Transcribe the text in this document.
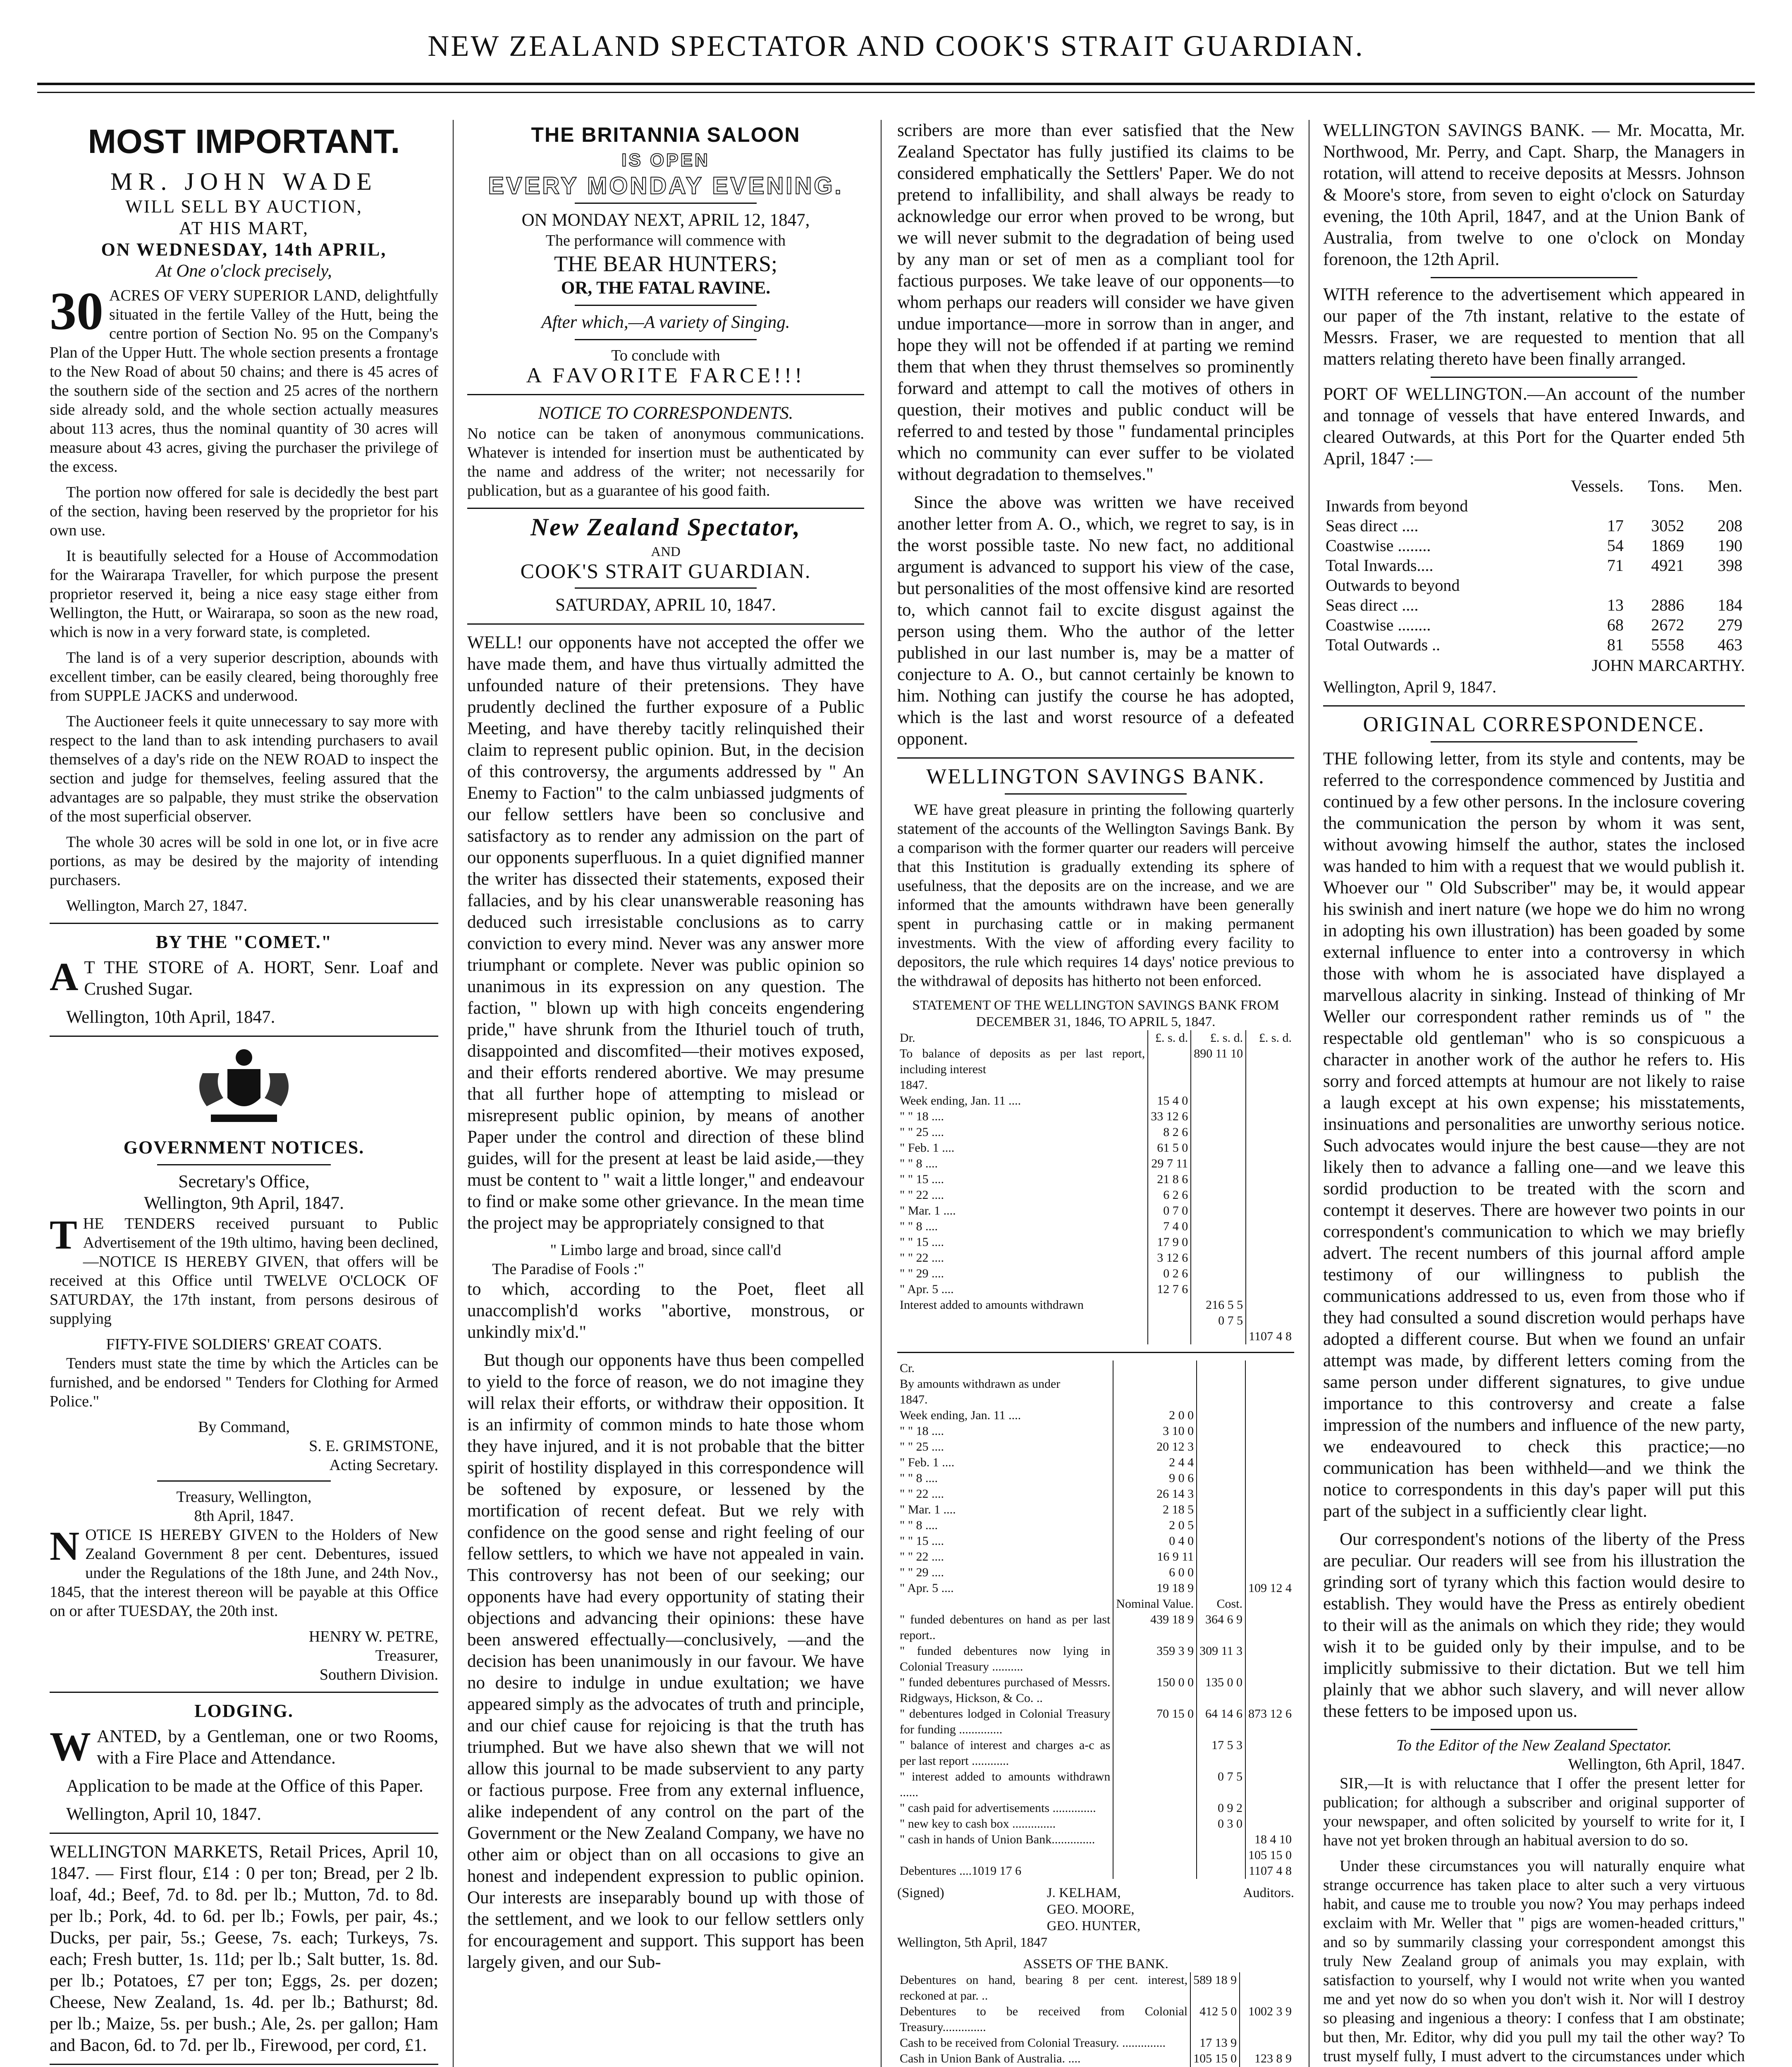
NEW ZEALAND SPECTATOR AND COOK'S STRAIT GUARDIAN.
MOST IMPORTANT.
MR. JOHN WADE
WILL SELL BY AUCTION,
AT HIS MART,
ON WEDNESDAY, 14th APRIL,
At One o'clock precisely,

30 ACRES OF VERY SUPERIOR LAND, delightfully situated in the fertile Valley of the Hutt, being the centre portion of Section No. 95 on the Company's Plan of the Upper Hutt. The whole section presents a frontage to the New Road of about 50 chains; and there is 45 acres of the southern side of the section and 25 acres of the northern side already sold, and the whole section actually measures about 113 acres, thus the nominal quantity of 30 acres will measure about 43 acres, giving the purchaser the privilege of the excess.

The portion now offered for sale is decidedly the best part of the section, having been reserved by the proprietor for his own use.

It is beautifully selected for a House of Accommodation for the Wairarapa Traveller, for which purpose the present proprietor reserved it, being a nice easy stage either from Wellington, the Hutt, or Wairarapa, so soon as the new road, which is now in a very forward state, is completed.

The land is of a very superior description, abounds with excellent timber, can be easily cleared, being thoroughly free from SUPPLE JACKS and underwood.

The Auctioneer feels it quite unnecessary to say more with respect to the land than to ask intending purchasers to avail themselves of a day's ride on the NEW ROAD to inspect the section and judge for themselves, feeling assured that the advantages are so palpable, they must strike the observation of the most superficial observer.

The whole 30 acres will be sold in one lot, or in five acre portions, as may be desired by the majority of intending purchasers.

Wellington, March 27, 1847.

BY THE "COMET."

A T THE STORE of A. HORT, Senr. Loaf and Crushed Sugar.

Wellington, 10th April, 1847.

GOVERNMENT NOTICES.
Secretary's Office,
Wellington, 9th April, 1847.

THE TENDERS received pursuant to Public Advertisement of the 19th ultimo, having been declined,—NOTICE IS HEREBY GIVEN, that offers will be received at this Office until TWELVE O'CLOCK OF SATURDAY, the 17th instant, from persons desirous of supplying

FIFTY-FIVE SOLDIERS' GREAT COATS.

Tenders must state the time by which the Articles can be furnished, and be endorsed " Tenders for Clothing for Armed Police."

By Command,
S. E. GRIMSTONE,
Acting Secretary.
Treasury, Wellington,
8th April, 1847.

NOTICE IS HEREBY GIVEN to the Holders of New Zealand Government 8 per cent. Debentures, issued under the Regulations of the 18th June, and 24th Nov., 1845, that the interest thereon will be payable at this Office on or after TUESDAY, the 20th inst.

HENRY W. PETRE,
Treasurer,
Southern Division.
LODGING.

WANTED, by a Gentleman, one or two Rooms, with a Fire Place and Attendance.

Application to be made at the Office of this Paper.

Wellington, April 10, 1847.

WELLINGTON MARKETS, Retail Prices, April 10, 1847. — First flour, £14 : 0 per ton; Bread, per 2 lb. loaf, 4d.; Beef, 7d. to 8d. per lb.; Mutton, 7d. to 8d. per lb.; Pork, 4d. to 6d. per lb.; Fowls, per pair, 4s.; Ducks, per pair, 5s.; Geese, 7s. each; Turkeys, 7s. each; Fresh butter, 1s. 11d; per lb.; Salt butter, 1s. 8d. per lb.; Potatoes, £7 per ton; Eggs, 2s. per dozen; Cheese, New Zealand, 1s. 4d. per lb.; Bathurst; 8d. per lb.; Maize, 5s. per bush.; Ale, 2s. per gallon; Ham and Bacon, 6d. to 7d. per lb., Firewood, per cord, £1.

THE BRITANNIA SALOON
IS OPEN
EVERY MONDAY EVENING.
ON MONDAY NEXT, APRIL 12, 1847,
The performance will commence with
THE BEAR HUNTERS;
OR, THE FATAL RAVINE.
After which,—A variety of Singing.
To conclude with
A FAVORITE FARCE!!!
NOTICE TO CORRESPONDENTS.

No notice can be taken of anonymous communications. Whatever is intended for insertion must be authenticated by the name and address of the writer; not necessarily for publication, but as a guarantee of his good faith.

New Zealand Spectator,
AND
COOK'S STRAIT GUARDIAN.
SATURDAY, APRIL 10, 1847.

WELL! our opponents have not accepted the offer we have made them, and have thus virtually admitted the unfounded nature of their pretensions. They have prudently declined the further exposure of a Public Meeting, and have thereby tacitly relinquished their claim to represent public opinion. But, in the decision of this controversy, the arguments addressed by " An Enemy to Faction" to the calm unbiassed judgments of our fellow settlers have been so conclusive and satisfactory as to render any admission on the part of our opponents superfluous. In a quiet dignified manner the writer has dissected their statements, exposed their fallacies, and by his clear unanswerable reasoning has deduced such irresistable conclusions as to carry conviction to every mind. Never was any answer more triumphant or complete. Never was public opinion so unanimous in its expression on any question. The faction, " blown up with high conceits engendering pride," have shrunk from the Ithuriel touch of truth, disappointed and discomfited—their motives exposed, and their efforts rendered abortive. We may presume that all further hope of attempting to mislead or misrepresent public opinion, by means of another Paper under the control and direction of these blind guides, will for the present at least be laid aside,—they must be content to " wait a little longer," and endeavour to find or make some other grievance. In the mean time the project may be appropriately consigned to that

" Limbo large and broad, since call'd
The Paradise of Fools :"

to which, according to the Poet, fleet all unaccomplish'd works "abortive, monstrous, or unkindly mix'd."

But though our opponents have thus been compelled to yield to the force of reason, we do not imagine they will relax their efforts, or withdraw their opposition. It is an infirmity of common minds to hate those whom they have injured, and it is not probable that the bitter spirit of hostility displayed in this correspondence will be softened by exposure, or lessened by the mortification of recent defeat. But we rely with confidence on the good sense and right feeling of our fellow settlers, to which we have not appealed in vain. This controversy has not been of our seeking; our opponents have had every opportunity of stating their objections and advancing their opinions: these have been answered effectually—conclusively, —and the decision has been unanimously in our favour. We have no desire to indulge in undue exultation; we have appeared simply as the advocates of truth and principle, and our chief cause for rejoicing is that the truth has triumphed. But we have also shewn that we will not allow this journal to be made subservient to any party or factious purpose. Free from any external influence, alike independent of any control on the part of the Government or the New Zealand Company, we have no other aim or object than on all occasions to give an honest and independent expression to public opinion. Our interests are inseparably bound up with those of the settlement, and we look to our fellow settlers only for encouragement and support. This support has been largely given, and our Sub-

scribers are more than ever satisfied that the New Zealand Spectator has fully justified its claims to be considered emphatically the Settlers' Paper. We do not pretend to infallibility, and shall always be ready to acknowledge our error when proved to be wrong, but we will never submit to the degradation of being used by any man or set of men as a compliant tool for factious purposes. We take leave of our opponents—to whom perhaps our readers will consider we have given undue importance—more in sorrow than in anger, and hope they will not be offended if at parting we remind them that when they thrust themselves so prominently forward and attempt to call the motives of others in question, their motives and public conduct will be referred to and tested by those " fundamental principles which no community can ever suffer to be violated without degradation to themselves."

Since the above was written we have received another letter from A. O., which, we regret to say, is in the worst possible taste. No new fact, no additional argument is advanced to support his view of the case, but personalities of the most offensive kind are resorted to, which cannot fail to excite disgust against the person using them. Who the author of the letter published in our last number is, may be a matter of conjecture to A. O., but cannot certainly be known to him. Nothing can justify the course he has adopted, which is the last and worst resource of a defeated opponent.

WELLINGTON SAVINGS BANK.

WE have great pleasure in printing the following quarterly statement of the accounts of the Wellington Savings Bank. By a comparison with the former quarter our readers will perceive that this Institution is gradually extending its sphere of usefulness, that the deposits are on the increase, and we are informed that the amounts withdrawn have been generally spent in purchasing cattle or in making permanent investments. With the view of affording every facility to depositors, the rule which requires 14 days' notice previous to the withdrawal of deposits has hitherto not been enforced.

STATEMENT OF THE WELLINGTON SAVINGS BANK FROM DECEMBER 31, 1846, TO APRIL 5, 1847.
Dr.	£. s. d.	£. s. d.	£. s. d.
To balance of deposits as per last report, including interest		890 11 10	
1847.			
Week ending, Jan. 11 ....	15 4 0		
" " 18 ....	33 12 6		
" " 25 ....	8 2 6		
" Feb. 1 ....	61 5 0		
" " 8 ....	29 7 11		
" " 15 ....	21 8 6		
" " 22 ....	6 2 6		
" Mar. 1 ....	0 7 0		
" " 8 ....	7 4 0		
" " 15 ....	17 9 0		
" " 22 ....	3 12 6		
" " 29 ....	0 2 6		
" Apr. 5 ....	12 7 6		
Interest added to amounts withdrawn		216 5 5	
		0 7 5	
			1107 4 8
Cr.			
By amounts withdrawn as under			
1847.			
Week ending, Jan. 11 ....	2 0 0		
" " 18 ....	3 10 0		
" " 25 ....	20 12 3		
" Feb. 1 ....	2 4 4		
" " 8 ....	9 0 6		
" " 22 ....	26 14 3		
" Mar. 1 ....	2 18 5		
" " 8 ....	2 0 5		
" " 15 ....	0 4 0		
" " 22 ....	16 9 11		
" " 29 ....	6 0 0		
" Apr. 5 ....	19 18 9		109 12 4
	Nominal Value.	Cost.	
" funded debentures on hand as per last report..	439 18 9	364 6 9	
" funded debentures now lying in Colonial Treasury ..........	359 3 9	309 11 3	
" funded debentures purchased of Messrs. Ridgways, Hickson, & Co. ..	150 0 0	135 0 0	
" debentures lodged in Colonial Treasury for funding ..............	70 15 0	64 14 6	873 12 6
" balance of interest and charges a-c as per last report ............		17 5 3	
" interest added to amounts withdrawn ......		0 7 5	
" cash paid for advertisements ..............		0 9 2	
" new key to cash box ..............		0 3 0	
" cash in hands of Union Bank..............			18 4 10
			105 15 0
Debentures ....1019 17 6			1107 4 8
(Signed)	J. KELHAM,
GEO. MOORE,
GEO. HUNTER,
Auditors.
Wellington, 5th April, 1847
ASSETS OF THE BANK.
Debentures on hand, bearing 8 per cent. interest, reckoned at par. ..	589 18 9	
Debentures to be received from Colonial Treasury..............	412 5 0	1002 3 9
Cash to be received from Colonial Treasury. ..............	17 13 9	
Cash in Union Bank of Australia. ....	105 15 0	123 8 9

WELLINGTON SAVINGS BANK. — Mr. Mocatta, Mr. Northwood, Mr. Perry, and Capt. Sharp, the Managers in rotation, will attend to receive deposits at Messrs. Johnson & Moore's store, from seven to eight o'clock on Saturday evening, the 10th April, 1847, and at the Union Bank of Australia, from twelve to one o'clock on Monday forenoon, the 12th April.

WITH reference to the advertisement which appeared in our paper of the 7th instant, relative to the estate of Messrs. Fraser, we are requested to mention that all matters relating thereto have been finally arranged.

PORT OF WELLINGTON.—An account of the number and tonnage of vessels that have entered Inwards, and cleared Outwards, at this Port for the Quarter ended 5th April, 1847 :—

	Vessels.	Tons.	Men.
Inwards from beyond			
Seas direct ....	17	3052	208
Coastwise ........	54	1869	190
Total Inwards....	71	4921	398
Outwards to beyond			
Seas direct ....	13	2886	184
Coastwise ........	68	2672	279
Total Outwards ..	81	5558	463
JOHN MARCARTHY.
Wellington, April 9, 1847.
ORIGINAL CORRESPONDENCE.

THE following letter, from its style and contents, may be referred to the correspondence commenced by Justitia and continued by a few other persons. In the inclosure covering the communication the person by whom it was sent, without avowing himself the author, states the inclosed was handed to him with a request that we would publish it. Whoever our " Old Subscriber" may be, it would appear his swinish and inert nature (we hope we do him no wrong in adopting his own illustration) has been goaded by some external influence to enter into a controversy in which those with whom he is associated have displayed a marvellous alacrity in sinking. Instead of thinking of Mr Weller our correspondent rather reminds us of " the respectable old gentleman" who is so conspicuous a character in another work of the author he refers to. His sorry and forced attempts at humour are not likely to raise a laugh except at his own expense; his misstatements, insinuations and personalities are unworthy serious notice. Such advocates would injure the best cause—they are not likely then to advance a falling one—and we leave this sordid production to be treated with the scorn and contempt it deserves. There are however two points in our correspondent's communication to which we may briefly advert. The recent numbers of this journal afford ample testimony of our willingness to publish the communications addressed to us, even from those who if they had consulted a sound discretion would perhaps have adopted a different course. But when we found an unfair attempt was made, by different letters coming from the same person under different signatures, to give undue importance to this controversy and create a false impression of the numbers and influence of the new party, we endeavoured to check this practice;—no communication has been withheld—and we think the notice to correspondents in this day's paper will put this part of the subject in a sufficiently clear light.

Our correspondent's notions of the liberty of the Press are peculiar. Our readers will see from his illustration the grinding sort of tyrany which this faction would desire to establish. They would have the Press as entirely obedient to their will as the animals on which they ride; they would wish it to be guided only by their impulse, and to be implicitly submissive to their dictation. But we tell him plainly that we abhor such slavery, and will never allow these fetters to be imposed upon us.

To the Editor of the New Zealand Spectator.
Wellington, 6th April, 1847.

SIR,—It is with reluctance that I offer the present letter for publication; for although a subscriber and original supporter of your newspaper, and often solicited by yourself to write for it, I have not yet broken through an habitual aversion to do so.

Under these circumstances you will naturally enquire what strange occurrence has taken place to alter such a very virtuous habit, and cause me to trouble you now? You may perhaps indeed exclaim with Mr. Weller that " pigs are women-headed critturs," and so by summarily classing your correspondent amongst this truly New Zealand group of animals you may explain, with satisfaction to yourself, why I would not write when you wanted me and yet now do so when you don't wish it. Nor will I destroy so pleasing and ingenious a theory: I confess that I am obstinate; but then, Mr. Editor, why did you pull my tail the other way? To trust myself fully, I must advert to the circumstances under which
